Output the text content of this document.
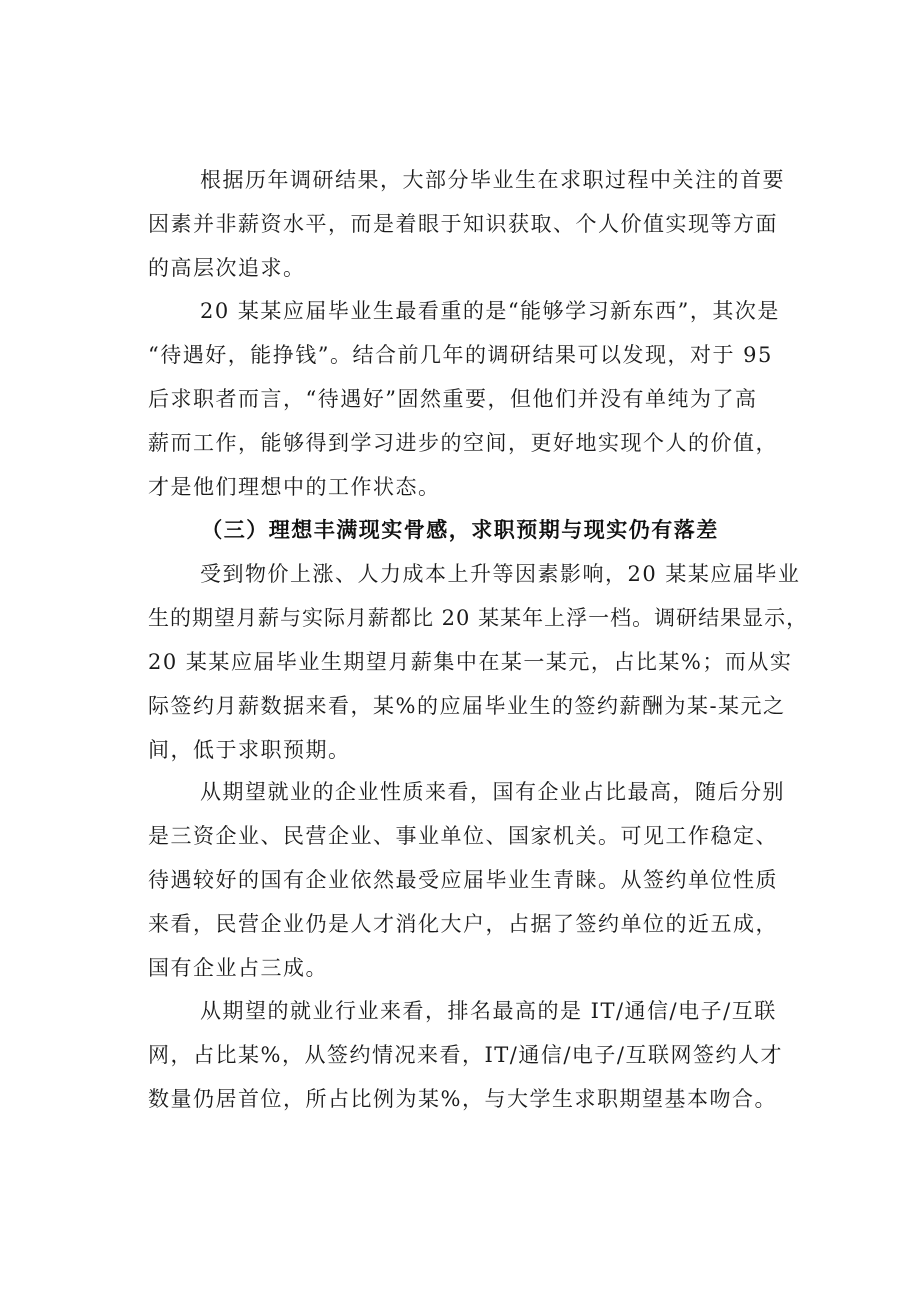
根据历年调研结果，大部分毕业生在求职过程中关注的首要
因素并非薪资水平，而是着眼于知识获取、个人价值实现等方面
的高层次追求。
20 某某应届毕业生最看重的是“能够学习新东西”，其次是
“待遇好，能挣钱”。结合前几年的调研结果可以发现，对于 95
后求职者而言，“待遇好”固然重要，但他们并没有单纯为了高
薪而工作，能够得到学习进步的空间，更好地实现个人的价值，
才是他们理想中的工作状态。
（三）理想丰满现实骨感，求职预期与现实仍有落差
受到物价上涨、人力成本上升等因素影响，20 某某应届毕业
生的期望月薪与实际月薪都比 20 某某年上浮一档。调研结果显示，
20 某某应届毕业生期望月薪集中在某一某元，占比某%；而从实
际签约月薪数据来看，某%的应届毕业生的签约薪酬为某-某元之
间，低于求职预期。
从期望就业的企业性质来看，国有企业占比最高，随后分别
是三资企业、民营企业、事业单位、国家机关。可见工作稳定、
待遇较好的国有企业依然最受应届毕业生青睐。从签约单位性质
来看，民营企业仍是人才消化大户，占据了签约单位的近五成，
国有企业占三成。
从期望的就业行业来看，排名最高的是 IT/通信/电子/互联
网，占比某%，从签约情况来看，IT/通信/电子/互联网签约人才
数量仍居首位，所占比例为某%，与大学生求职期望基本吻合。
